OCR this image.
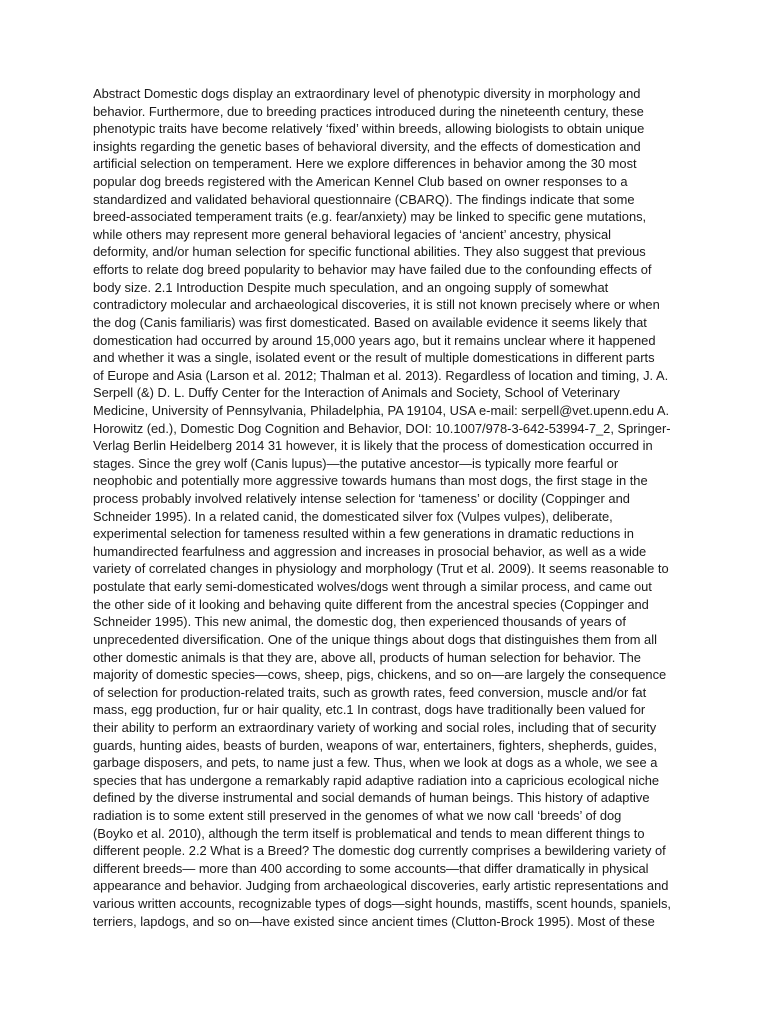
Abstract Domestic dogs display an extraordinary level of phenotypic diversity in morphology and
behavior. Furthermore, due to breeding practices introduced during the nineteenth century, these
phenotypic traits have become relatively ‘fixed’ within breeds, allowing biologists to obtain unique
insights regarding the genetic bases of behavioral diversity, and the effects of domestication and
artificial selection on temperament. Here we explore differences in behavior among the 30 most
popular dog breeds registered with the American Kennel Club based on owner responses to a
standardized and validated behavioral questionnaire (CBARQ). The findings indicate that some
breed-associated temperament traits (e.g. fear/anxiety) may be linked to specific gene mutations,
while others may represent more general behavioral legacies of ‘ancient’ ancestry, physical
deformity, and/or human selection for specific functional abilities. They also suggest that previous
efforts to relate dog breed popularity to behavior may have failed due to the confounding effects of
body size. 2.1 Introduction Despite much speculation, and an ongoing supply of somewhat
contradictory molecular and archaeological discoveries, it is still not known precisely where or when
the dog (Canis familiaris) was first domesticated. Based on available evidence it seems likely that
domestication had occurred by around 15,000 years ago, but it remains unclear where it happened
and whether it was a single, isolated event or the result of multiple domestications in different parts
of Europe and Asia (Larson et al. 2012; Thalman et al. 2013). Regardless of location and timing, J. A.
Serpell (&) D. L. Duffy Center for the Interaction of Animals and Society, School of Veterinary
Medicine, University of Pennsylvania, Philadelphia, PA 19104, USA e-mail: serpell@vet.upenn.edu A.
Horowitz (ed.), Domestic Dog Cognition and Behavior, DOI: 10.1007/978-3-642-53994-7_2, Springer-
Verlag Berlin Heidelberg 2014 31 however, it is likely that the process of domestication occurred in
stages. Since the grey wolf (Canis lupus)—the putative ancestor—is typically more fearful or
neophobic and potentially more aggressive towards humans than most dogs, the first stage in the
process probably involved relatively intense selection for ‘tameness’ or docility (Coppinger and
Schneider 1995). In a related canid, the domesticated silver fox (Vulpes vulpes), deliberate,
experimental selection for tameness resulted within a few generations in dramatic reductions in
humandirected fearfulness and aggression and increases in prosocial behavior, as well as a wide
variety of correlated changes in physiology and morphology (Trut et al. 2009). It seems reasonable to
postulate that early semi-domesticated wolves/dogs went through a similar process, and came out
the other side of it looking and behaving quite different from the ancestral species (Coppinger and
Schneider 1995). This new animal, the domestic dog, then experienced thousands of years of
unprecedented diversification. One of the unique things about dogs that distinguishes them from all
other domestic animals is that they are, above all, products of human selection for behavior. The
majority of domestic species—cows, sheep, pigs, chickens, and so on—are largely the consequence
of selection for production-related traits, such as growth rates, feed conversion, muscle and/or fat
mass, egg production, fur or hair quality, etc.1 In contrast, dogs have traditionally been valued for
their ability to perform an extraordinary variety of working and social roles, including that of security
guards, hunting aides, beasts of burden, weapons of war, entertainers, fighters, shepherds, guides,
garbage disposers, and pets, to name just a few. Thus, when we look at dogs as a whole, we see a
species that has undergone a remarkably rapid adaptive radiation into a capricious ecological niche
defined by the diverse instrumental and social demands of human beings. This history of adaptive
radiation is to some extent still preserved in the genomes of what we now call ‘breeds’ of dog
(Boyko et al. 2010), although the term itself is problematical and tends to mean different things to
different people. 2.2 What is a Breed? The domestic dog currently comprises a bewildering variety of
different breeds— more than 400 according to some accounts—that differ dramatically in physical
appearance and behavior. Judging from archaeological discoveries, early artistic representations and
various written accounts, recognizable types of dogs—sight hounds, mastiffs, scent hounds, spaniels,
terriers, lapdogs, and so on—have existed since ancient times (Clutton-Brock 1995). Most of these
